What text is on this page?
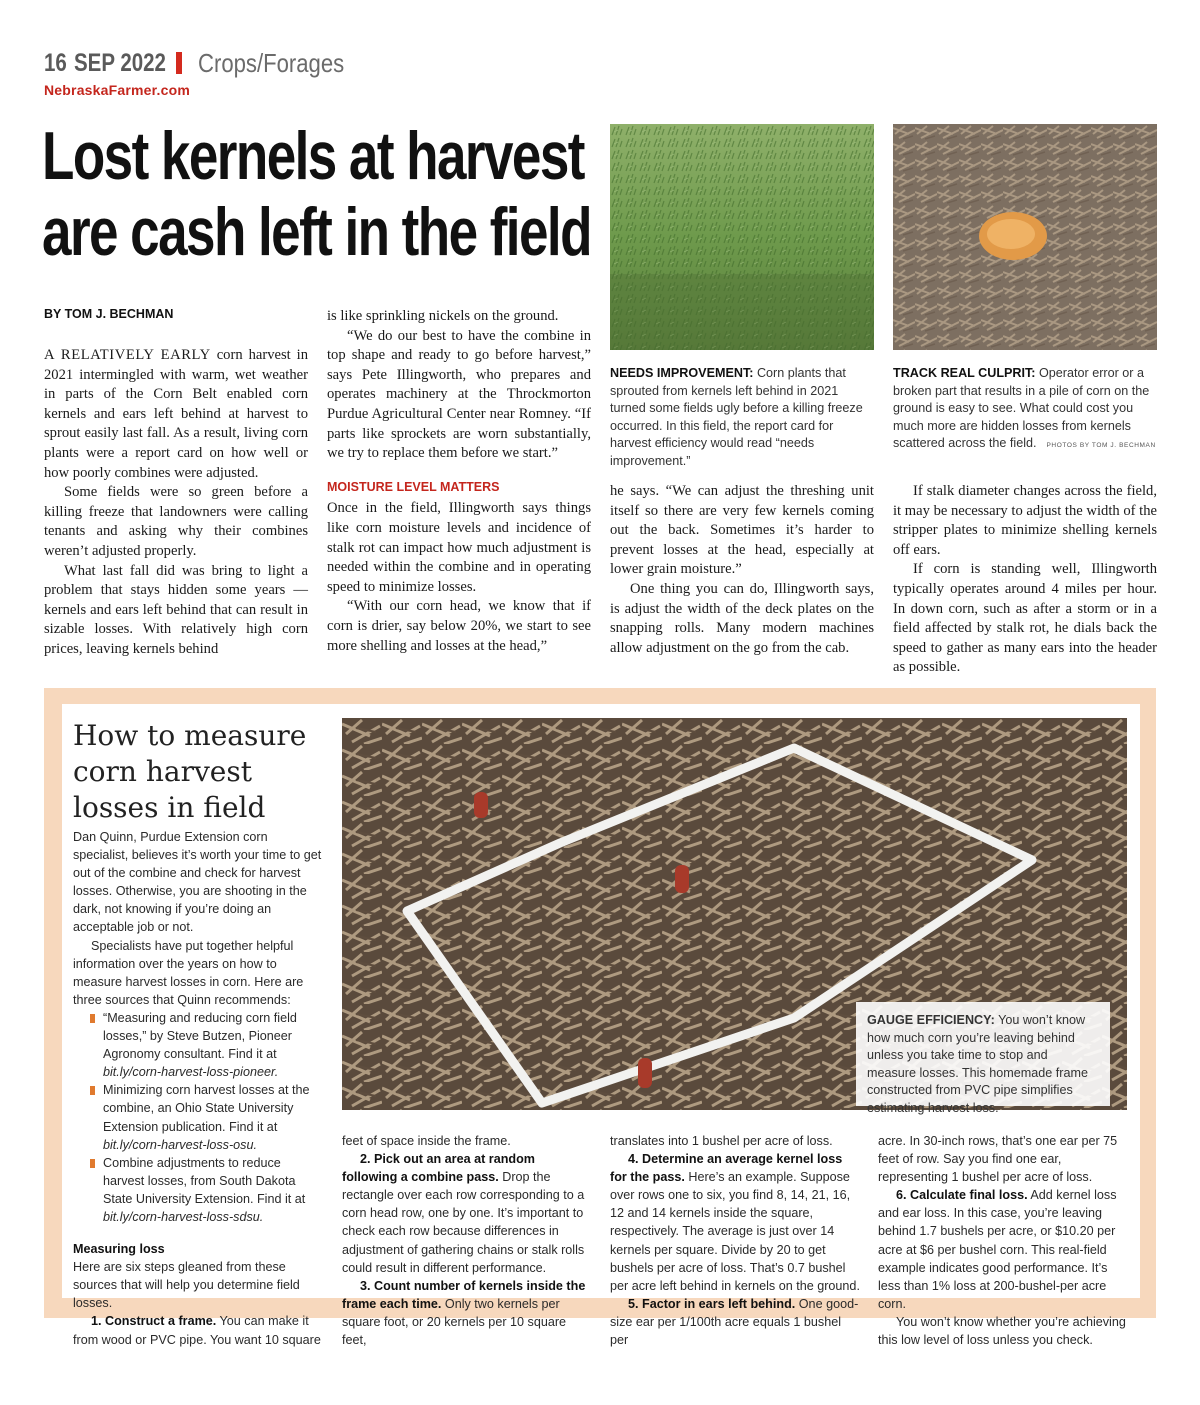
16 SEP 2022 Crops/Forages
NebraskaFarmer.com
Lost kernels at harvest
are cash left in the field
BY TOM J. BECHMAN

A RELATIVELY EARLY corn harvest in 2021 intermingled with warm, wet weather in parts of the Corn Belt enabled corn kernels and ears left behind at harvest to sprout easily last fall. As a result, living corn plants were a report card on how well or how poorly combines were adjusted.

Some fields were so green before a killing freeze that landowners were calling tenants and asking why their combines weren’t adjusted properly.

What last fall did was bring to light a problem that stays hidden some years — kernels and ears left behind that can result in sizable losses. With relatively high corn prices, leaving kernels behind

is like sprinkling nickels on the ground.

“We do our best to have the combine in top shape and ready to go before harvest,” says Pete Illingworth, who prepares and operates machinery at the Throckmorton Purdue Agricultural Center near Romney. “If parts like sprockets are worn substantially, we try to replace them before we start.”

MOISTURE LEVEL MATTERS

Once in the field, Illingworth says things like corn moisture levels and incidence of stalk rot can impact how much adjustment is needed within the combine and in operating speed to minimize losses.

“With our corn head, we know that if corn is drier, say below 20%, we start to see more shelling and losses at the head,”

he says. “We can adjust the threshing unit itself so there are very few kernels coming out the back. Sometimes it’s harder to prevent losses at the head, especially at lower grain moisture.”

One thing you can do, Illingworth says, is adjust the width of the deck plates on the snapping rolls. Many modern machines allow adjustment on the go from the cab.

If stalk diameter changes across the field, it may be necessary to adjust the width of the stripper plates to minimize shelling kernels off ears.

If corn is standing well, Illingworth typically operates around 4 miles per hour. In down corn, such as after a storm or in a field affected by stalk rot, he dials back the speed to gather as many ears into the header as possible.

NEEDS IMPROVEMENT: Corn plants that sprouted from kernels left behind in 2021 turned some fields ugly before a killing freeze occurred. In this field, the report card for harvest efficiency would read “needs improvement.”
TRACK REAL CULPRIT: Operator error or a broken part that results in a pile of corn on the ground is easy to see. What could cost you much more are hidden losses from kernels scattered across the field. PHOTOS BY TOM J. BECHMAN
How to measure corn harvest losses in field
GAUGE EFFICIENCY: You won’t know how much corn you’re leaving behind unless you take time to stop and measure losses. This homemade frame constructed from PVC pipe simplifies estimating harvest loss.

Dan Quinn, Purdue Extension corn specialist, believes it’s worth your time to get out of the combine and check for harvest losses. Otherwise, you are shooting in the dark, not knowing if you’re doing an acceptable job or not.

Specialists have put together helpful information over the years on how to measure harvest losses in corn. Here are three sources that Quinn recommends:

“Measuring and reducing corn field losses,” by Steve Butzen, Pioneer Agronomy consultant. Find it at bit.ly/corn-harvest-loss-pioneer.
Minimizing corn harvest losses at the combine, an Ohio State University Extension publication. Find it at bit.ly/corn-harvest-loss-osu.
Combine adjustments to reduce harvest losses, from South Dakota State University Extension. Find it at bit.ly/corn-harvest-loss-sdsu.

Measuring loss

Here are six steps gleaned from these sources that will help you determine field losses.

1. Construct a frame. You can make it from wood or PVC pipe. You want 10 square

feet of space inside the frame.

2. Pick out an area at random following a combine pass. Drop the rectangle over each row corresponding to a corn head row, one by one. It’s important to check each row because differences in adjustment of gathering chains or stalk rolls could result in different performance.

3. Count number of kernels inside the frame each time. Only two kernels per square foot, or 20 kernels per 10 square feet,

translates into 1 bushel per acre of loss.

4. Determine an average kernel loss for the pass. Here’s an example. Suppose over rows one to six, you find 8, 14, 21, 16, 12 and 14 kernels inside the square, respectively. The average is just over 14 kernels per square. Divide by 20 to get bushels per acre of loss. That’s 0.7 bushel per acre left behind in kernels on the ground.

5. Factor in ears left behind. One good-size ear per 1/100th acre equals 1 bushel per

acre. In 30-inch rows, that’s one ear per 75 feet of row. Say you find one ear, representing 1 bushel per acre of loss.

6. Calculate final loss. Add kernel loss and ear loss. In this case, you’re leaving behind 1.7 bushels per acre, or $10.20 per acre at $6 per bushel corn. This real-field example indicates good performance. It’s less than 1% loss at 200-bushel-per acre corn.

You won’t know whether you’re achieving this low level of loss unless you check.
